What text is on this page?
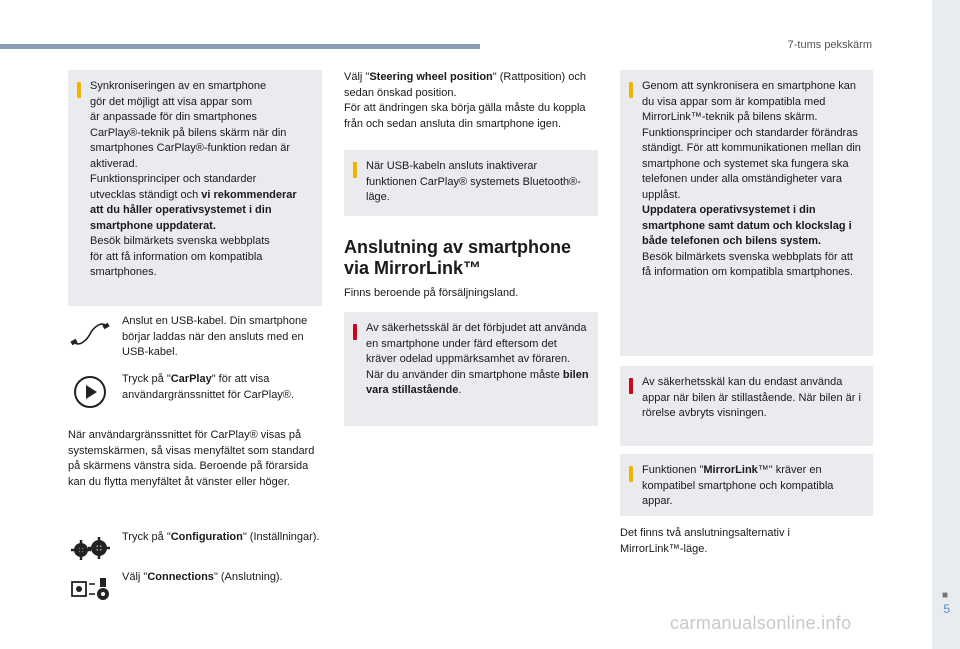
7-tums pekskärm
■
5
carmanualsonline.info

Synkroniseringen av en smartphone

gör det möjligt att visa appar som

är anpassade för din smartphones

CarPlay®-teknik på bilens skärm när din

smartphones CarPlay®-funktion redan är

aktiverad.

Funktionsprinciper och standarder

utvecklas ständigt och vi rekommenderar

att du håller operativsystemet i din

smartphone uppdaterat.

Besök bilmärkets svenska webbplats

för att få information om kompatibla

smartphones.

Anslut en USB-kabel. Din smartphone börjar laddas när den ansluts med en USB-kabel.
Tryck på "CarPlay" för att visa användargränssnittet för CarPlay®.

När användargränssnittet för CarPlay® visas på systemskärmen, så visas menyfältet som standard på skärmens vänstra sida. Beroende på förarsida kan du flytta menyfältet åt vänster eller höger.

Tryck på "Configuration" (Inställningar).
Välj "Connections" (Anslutning).

Välj "Steering wheel position" (Rattposition) och sedan önskad position.

För att ändringen ska börja gälla måste du koppla från och sedan ansluta din smartphone igen.

När USB-kabeln ansluts inaktiverar funktionen CarPlay® systemets Bluetooth®-läge.

Anslutning av smartphone
via MirrorLink™

Finns beroende på försäljningsland.

Av säkerhetsskäl är det förbjudet att använda en smartphone under färd eftersom det kräver odelad uppmärksamhet av föraren.

När du använder din smartphone måste bilen vara stillastående.

Genom att synkronisera en smartphone kan du visa appar som är kompatibla med MirrorLink™-teknik på bilens skärm. Funktionsprinciper och standarder förändras ständigt. För att kommunikationen mellan din smartphone och systemet ska fungera ska telefonen under alla omständigheter vara upplåst.

Uppdatera operativsystemet i din smartphone samt datum och klockslag i både telefonen och bilens system.

Besök bilmärkets svenska webbplats för att få information om kompatibla smartphones.

Av säkerhetsskäl kan du endast använda appar när bilen är stillastående. När bilen är i rörelse avbryts visningen.

Funktionen "MirrorLink™" kräver en kompatibel smartphone och kompatibla appar.

Det finns två anslutningsalternativ i MirrorLink™-läge.
